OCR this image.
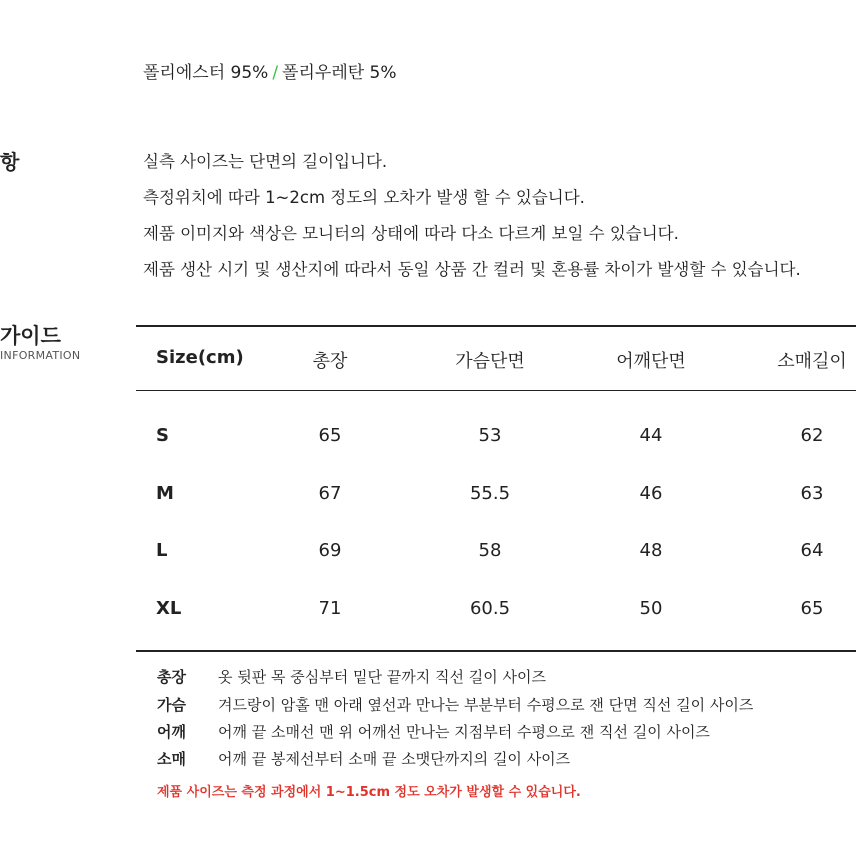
폴리에스터 95% / 폴리우레탄 5%
항	실측 사이즈는 단면의 길이입니다.
측정위치에 따라 1~2cm 정도의 오차가 발생 할 수 있습니다.
제품 이미지와 색상은 모니터의 상태에 따라 다소 다르게 보일 수 있습니다.
제품 생산 시기 및 생산지에 따라서 동일 상품 간 컬러 및 혼용률 차이가 발생할 수 있습니다.
가이드
INFORMATION	Size(cm)	총장	가슴단면	어깨단면	소매길이
S	65	53	44	62
M	67	55.5	46	63
L	69	58	48	64
XL	71	60.5	50	65
총장 옷 뒷판 목 중심부터 밑단 끝까지 직선 길이 사이즈
가슴 겨드랑이 암홀 맨 아래 옆선과 만나는 부분부터 수평으로 잰 단면 직선 길이 사이즈
어깨 어깨 끝 소매선 맨 위 어깨선 만나는 지점부터 수평으로 잰 직선 길이 사이즈
소매 어깨 끝 봉제선부터 소매 끝 소맷단까지의 길이 사이즈
제품 사이즈는 측정 과정에서 1~1.5cm 정도 오차가 발생할 수 있습니다.
